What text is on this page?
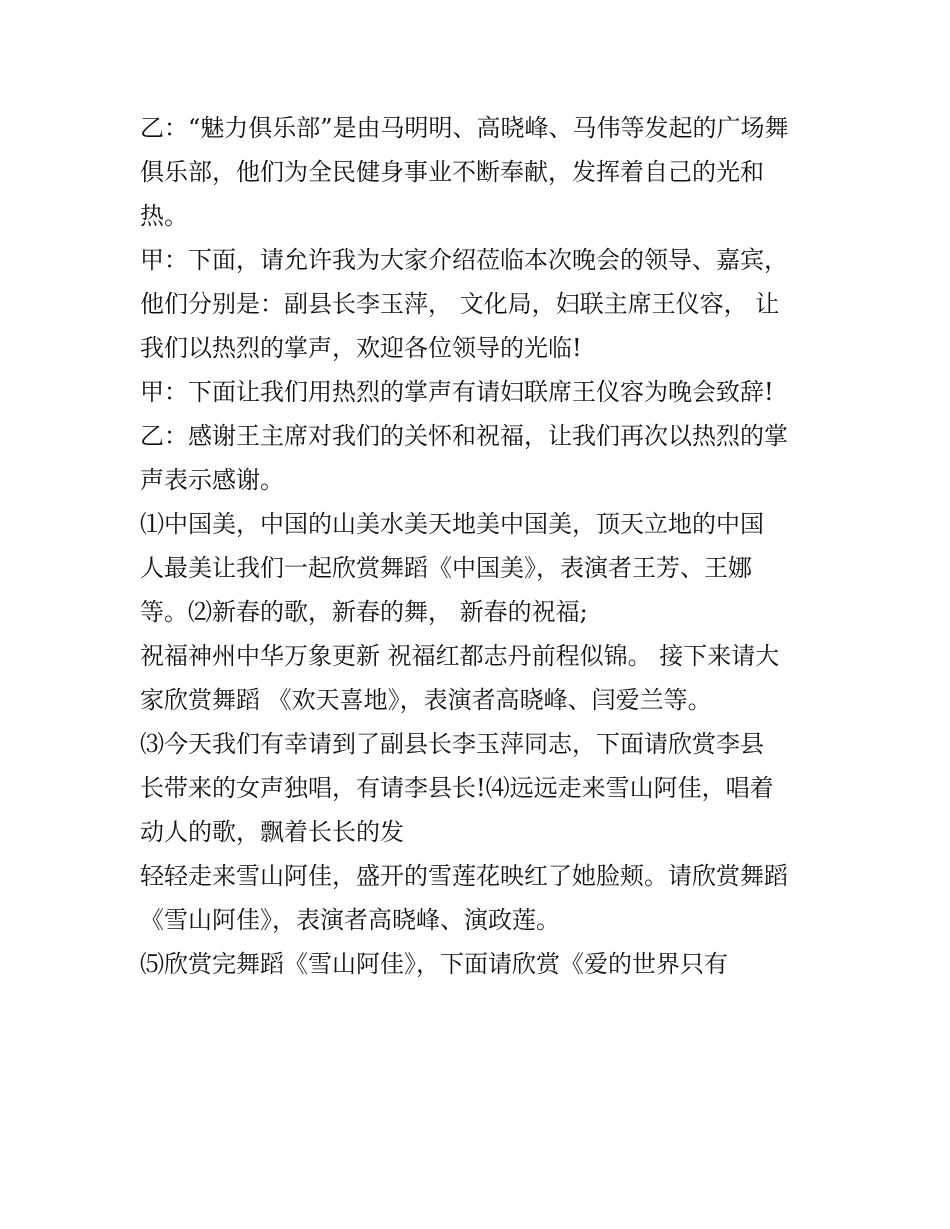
乙：“魅力俱乐部”是由马明明、高晓峰、马伟等发起的广场舞
俱乐部，他们为全民健身事业不断奉献，发挥着自己的光和
热。
甲：下面，请允许我为大家介绍莅临本次晚会的领导、嘉宾，
他们分别是：副县长李玉萍， 文化局，妇联主席王仪容， 让
我们以热烈的掌声，欢迎各位领导的光临!
甲：下面让我们用热烈的掌声有请妇联席王仪容为晚会致辞!
乙：感谢王主席对我们的关怀和祝福，让我们再次以热烈的掌
声表示感谢。
⑴中国美，中国的山美水美天地美中国美，顶天立地的中国
人最美让我们一起欣赏舞蹈《中国美》，表演者王芳、王娜
等。⑵新春的歌，新春的舞， 新春的祝福;
祝福神州中华万象更新 祝福红都志丹前程似锦。 接下来请大
家欣赏舞蹈 《欢天喜地》，表演者高晓峰、闫爱兰等。
⑶今天我们有幸请到了副县长李玉萍同志，下面请欣赏李县
长带来的女声独唱，有请李县长!⑷远远走来雪山阿佳，唱着
动人的歌，飘着长长的发
轻轻走来雪山阿佳，盛开的雪莲花映红了她脸颊。请欣赏舞蹈
《雪山阿佳》，表演者高晓峰、演政莲。
⑸欣赏完舞蹈《雪山阿佳》，下面请欣赏《爱的世界只有
